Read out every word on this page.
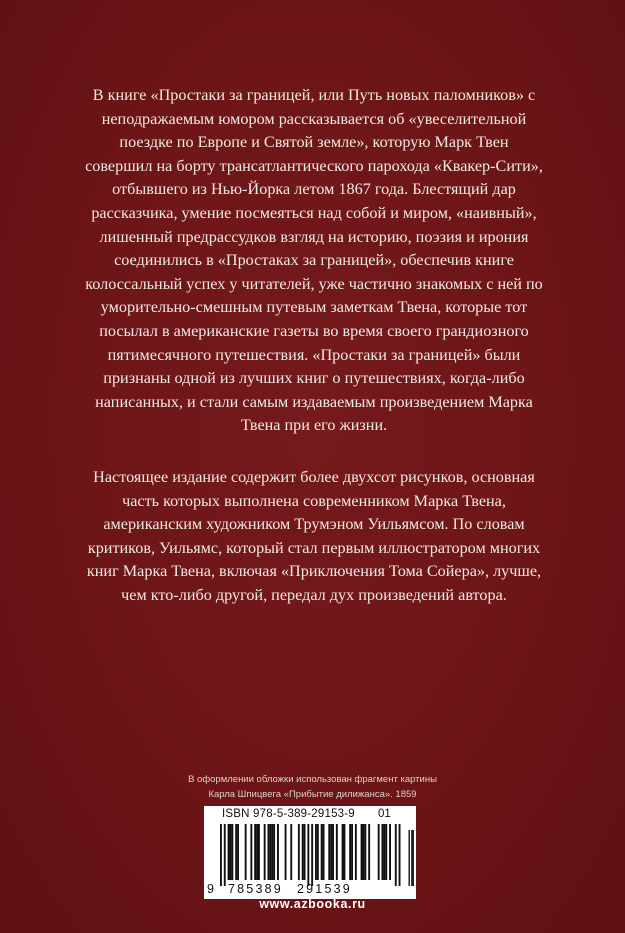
В книге «Простаки за границей, или Путь новых паломников» с неподражаемым юмором рассказывается об «увеселительной поездке по Европе и Святой земле», которую Марк Твен совершил на борту трансатлантического парохода «Квакер-Сити», отбывшего из Нью-Йорка летом 1867 года. Блестящий дар рассказчика, умение посмеяться над собой и миром, «наивный», лишенный предрассудков взгляд на историю, поэзия и ирония соединились в «Простаках за границей», обеспечив книге колоссальный успех у читателей, уже частично знакомых с ней по уморительно-смешным путевым заметкам Твена, которые тот посылал в американские газеты во время своего грандиозного пятимесячного путешествия. «Простаки за границей» были признаны одной из лучших книг о путешествиях, когда-либо написанных, и стали самым издаваемым произведением Марка Твена при его жизни.

Настоящее издание содержит более двухсот рисунков, основная часть которых выполнена современником Марка Твена, американским художником Трумэном Уильямсом. По словам критиков, Уильямс, который стал первым иллюстратором многих книг Марка Твена, включая «Приключения Тома Сойера», лучше, чем кто-либо другой, передал дух произведений автора.

В оформлении обложки использован фрагмент картины
Карла Шпицвега «Прибытие дилижанса». 1859
ISBN 978-5-389-29153-9 01
9 785389 291539
www.azbooka.ru
